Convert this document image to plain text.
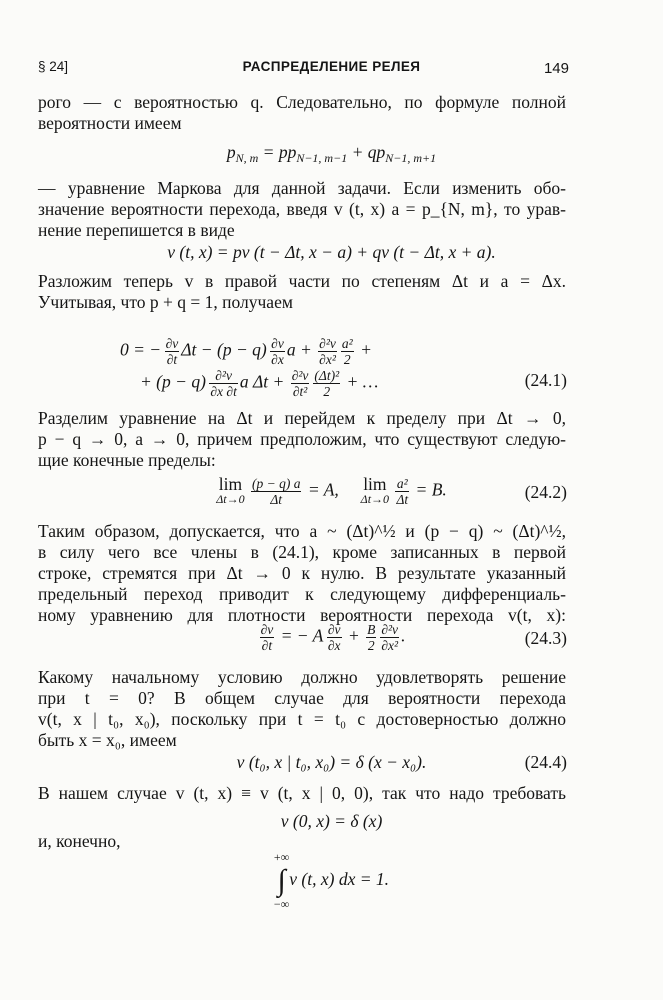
§ 24]	РАСПРЕДЕЛЕНИЕ РЕЛЕЯ	149
рого — с вероятностью q. Следовательно, по формуле полной
вероятности имеем
$p_{N, m} = pp_{N-1, m-1} + qp_{N-1, m+1}$
— уравнение Маркова для данной задачи. Если изменить обо-
значение вероятности перехода, введя v (t, x) a = p_{N, m}, то урав-
нение перепишется в виде
v (t, x) = pv (t − Δt, x − a) + qv (t − Δt, x + a).
Разложим теперь v в правой части по степеням Δt и a = Δx.
Учитывая, что p + q = 1, получаем
0 = −  $\frac{\partial v}{\partial t}$ Δt − (p − q)  $\frac{\partial v}{\partial x}$ $a + \frac{\text{∂²v}}{\text{∂x²}} \frac{\text{a²}}{2}$ +
+ (p − q)  $\frac{\text{∂²v}}{\partial x \partial t}$ a $\Delta t + \frac{\text{∂²v}}{\text{∂t²}} \frac{\text{(Δt)²}}{2}$ + …	(24.1)
Разделим уравнение на Δt и перейдем к пределу при Δt → 0,
p − q → 0, a → 0, причем предположим, что существуют следую-
щие конечные пределы:
lim
Δt→0
$\frac{(p - q) a}{\Delta t} = A$,     lim
Δt→0
$\frac{\text{a²}}{\Delta t} = B$.	(24.2)
Таким образом, допускается, что a ~ (Δt)^½ и (p − q) ~ (Δt)^½,
в силу чего все члены в (24.1), кроме записанных в первой
строке, стремятся при Δt → 0 к нулю. В результате указанный
предельный переход приводит к следующему дифференциаль-
ному уравнению для плотности вероятности перехода v(t, x):
$\frac{\partial v}{\partial t}$ = − A  $\frac{\partial v}{\partial x} + \frac{B}{2} \frac{\text{∂²v}}{\text{∂x²}}$ .	(24.3)
Какому начальному условию должно удовлетворять решение
при t = 0? В общем случае для вероятности перехода
v(t, x | t₀, x₀), поскольку при t = t₀ с достоверностью должно
быть x = x₀, имеем
v (t₀, x | t₀, x₀) = δ (x − x₀).	(24.4)
В нашем случае v (t, x) ≡ v (t, x | 0, 0), так что надо требовать
v (0, x) = δ (x)
и, конечно,
+∞
∫
−∞
v (t, x) dx = 1.
